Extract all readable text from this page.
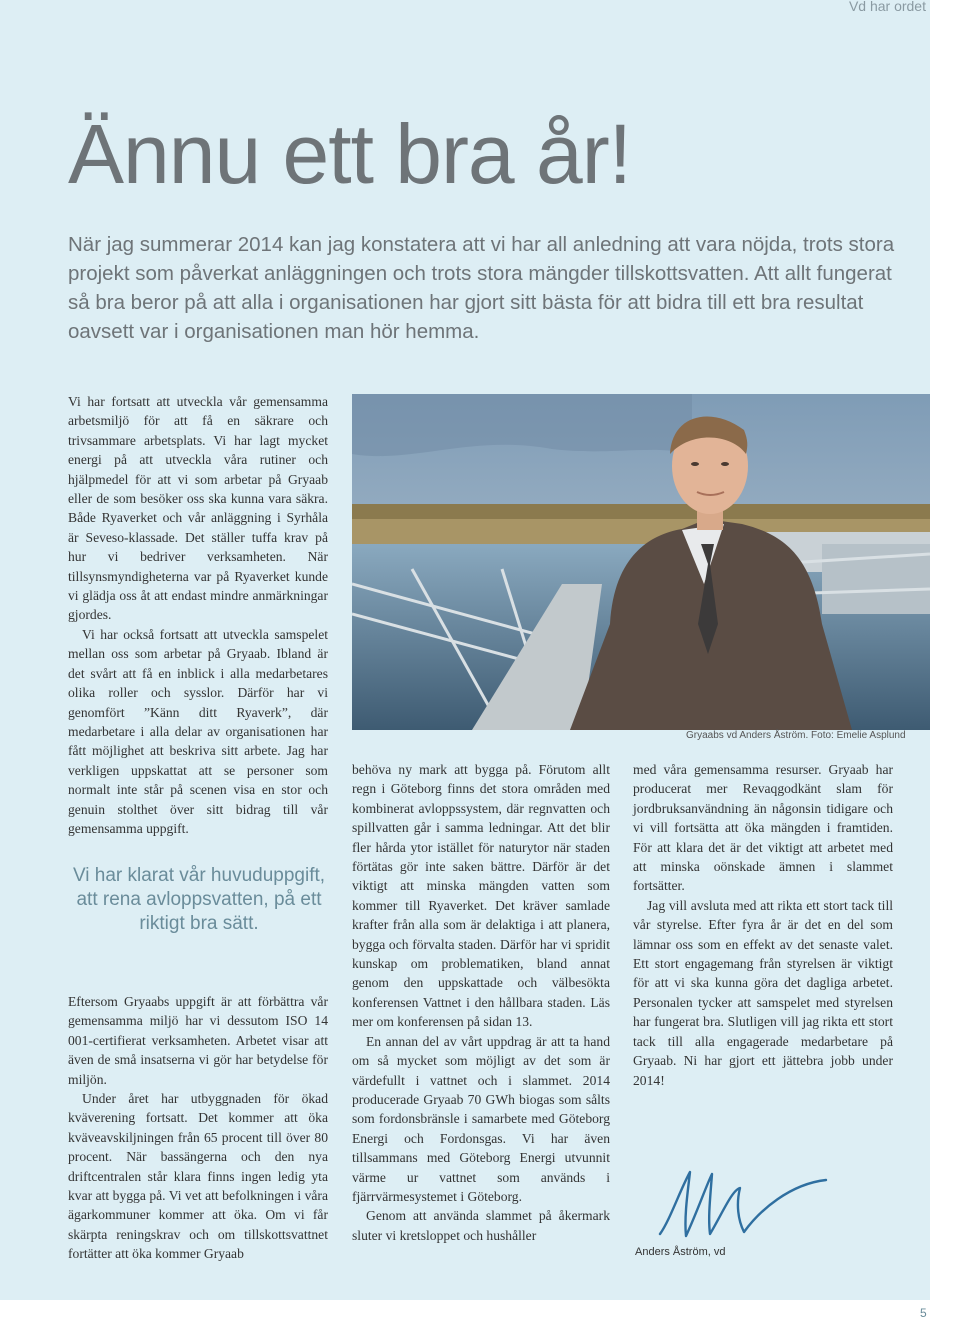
Vd har ordet
Ännu ett bra år!

När jag summerar 2014 kan jag konstatera att vi har all anledning att vara nöjda, trots stora projekt som påverkat anläggningen och trots stora mängder tillskottsvatten. Att allt fungerat så bra beror på att alla i organisationen har gjort sitt bästa för att bidra till ett bra resultat oavsett var i organisationen man hör hemma.

Vi har fortsatt att utveckla vår gemensamma arbetsmiljö för att få en säkrare och trivsammare arbetsplats. Vi har lagt mycket energi på att utveckla våra rutiner och hjälpmedel för att vi som arbetar på Gryaab eller de som besöker oss ska kunna vara säkra. Både Ryaverket och vår anläggning i Syrhåla är Seveso-klassade. Det ställer tuffa krav på hur vi bedriver verksamheten. När tillsynsmyndigheterna var på Ryaverket kunde vi glädja oss åt att endast mindre anmärkningar gjordes.

Vi har också fortsatt att utveckla samspelet mellan oss som arbetar på Gryaab. Ibland är det svårt att få en inblick i alla medarbetares olika roller och sysslor. Därför har vi genomfört ”Känn ditt Ryaverk”, där medarbetare i alla delar av organisationen har fått möjlighet att beskriva sitt arbete. Jag har verkligen uppskattat att se personer som normalt inte står på scenen visa en stor och genuin stolthet över sitt bidrag till vår gemensamma uppgift.

Vi har klarat vår huvuduppgift, att rena avloppsvatten, på ett riktigt bra sätt.

Eftersom Gryaabs uppgift är att förbättra vår gemensamma miljö har vi dessutom ISO 14 001-certifierat verksamheten. Arbetet visar att även de små insatserna vi gör har betydelse för miljön.

Under året har utbyggnaden för ökad kväverening fortsatt. Det kommer att öka kväveavskiljningen från 65 procent till över 80 procent. När bassängerna och den nya driftcentralen står klara finns ingen ledig yta kvar att bygga på. Vi vet att befolkningen i våra ägarkommuner kommer att öka. Om vi får skärpta reningskrav och om tillskottsvattnet fortätter att öka kommer Gryaab

Gryaabs vd Anders Åström. Foto: Emelie Asplund

behöva ny mark att bygga på. Förutom allt regn i Göteborg finns det stora områden med kombinerat avloppssystem, där regnvatten och spillvatten går i samma ledningar. Att det blir fler hårda ytor istället för naturytor när staden förtätas gör inte saken bättre. Därför är det viktigt att minska mängden vatten som kommer till Ryaverket. Det kräver samlade krafter från alla som är delaktiga i att planera, bygga och förvalta staden. Därför har vi spridit kunskap om problematiken, bland annat genom den uppskattade och välbesökta konferensen Vattnet i den hållbara staden. Läs mer om konferensen på sidan 13.

En annan del av vårt uppdrag är att ta hand om så mycket som möjligt av det som är värdefullt i vattnet och i slammet. 2014 producerade Gryaab 70 GWh biogas som sålts som fordonsbränsle i samarbete med Göteborg Energi och Fordonsgas. Vi har även tillsammans med Göteborg Energi utvunnit värme ur vattnet som används i fjärrvärmesystemet i Göteborg.

Genom att använda slammet på åkermark sluter vi kretsloppet och hushåller

med våra gemensamma resurser. Gryaab har producerat mer Revaqgodkänt slam för jordbruksanvändning än någonsin tidigare och vi vill fortsätta att öka mängden i framtiden. För att klara det är det viktigt att arbetet med att minska oönskade ämnen i slammet fortsätter.

Jag vill avsluta med att rikta ett stort tack till vår styrelse. Efter fyra år är det en del som lämnar oss som en effekt av det senaste valet. Ett stort engagemang från styrelsen är viktigt för att vi ska kunna göra det dagliga arbetet. Personalen tycker att samspelet med styrelsen har fungerat bra. Slutligen vill jag rikta ett stort tack till alla engagerade medarbetare på Gryaab. Ni har gjort ett jättebra jobb under 2014!

Anders Åström, vd
5
